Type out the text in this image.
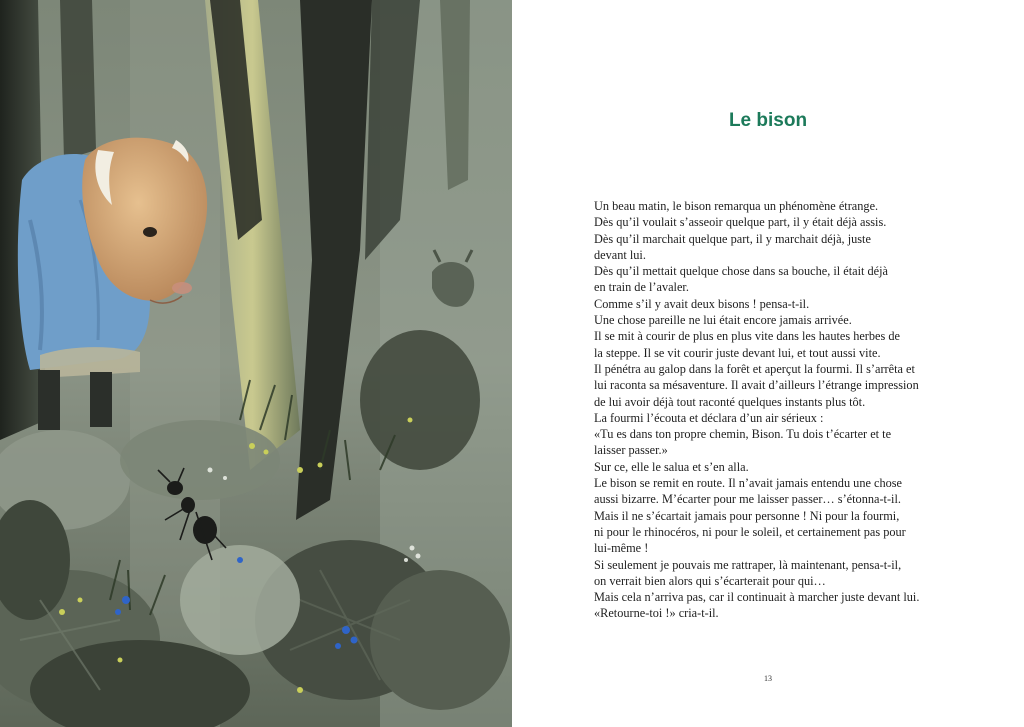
Le bison

Un beau matin, le bison remarqua un phénomène étrange.
Dès qu’il voulait s’asseoir quelque part, il y était déjà assis.
Dès qu’il marchait quelque part, il y marchait déjà, juste
devant lui.
Dès qu’il mettait quelque chose dans sa bouche, il était déjà
en train de l’avaler.
Comme s’il y avait deux bisons ! pensa-t-il.
Une chose pareille ne lui était encore jamais arrivée.
Il se mit à courir de plus en plus vite dans les hautes herbes de
la steppe. Il se vit courir juste devant lui, et tout aussi vite.
Il pénétra au galop dans la forêt et aperçut la fourmi. Il s’arrêta et
lui raconta sa mésaventure. Il avait d’ailleurs l’étrange impression
de lui avoir déjà tout raconté quelques instants plus tôt.
La fourmi l’écouta et déclara d’un air sérieux :
«Tu es dans ton propre chemin, Bison. Tu dois t’écarter et te
laisser passer.»
Sur ce, elle le salua et s’en alla.
Le bison se remit en route. Il n’avait jamais entendu une chose
aussi bizarre. M’écarter pour me laisser passer… s’étonna-t-il.
Mais il ne s’écartait jamais pour personne ! Ni pour la fourmi,
ni pour le rhinocéros, ni pour le soleil, et certainement pas pour
lui-même !
Si seulement je pouvais me rattraper, là maintenant, pensa-t-il,
on verrait bien alors qui s’écarterait pour qui…
Mais cela n’arriva pas, car il continuait à marcher juste devant lui.
«Retourne-toi !» cria-t-il.

13
